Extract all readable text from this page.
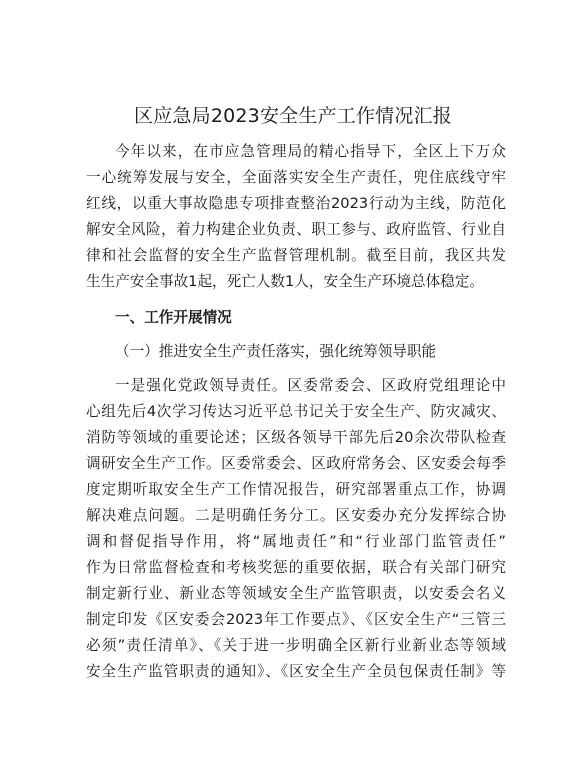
区应急局2023安全生产工作情况汇报
今年以来，在市应急管理局的精心指导下，全区上下万众
一心统筹发展与安全，全面落实安全生产责任，兜住底线守牢
红线，以重大事故隐患专项排查整治2023行动为主线，防范化
解安全风险，着力构建企业负责、职工参与、政府监管、行业自
律和社会监督的安全生产监督管理机制。截至目前，我区共发
生生产安全事故1起，死亡人数1人，安全生产环境总体稳定。
一、工作开展情况
（一）推进安全生产责任落实，强化统筹领导职能
一是强化党政领导责任。区委常委会、区政府党组理论中
心组先后4次学习传达习近平总书记关于安全生产、防灾减灾、
消防等领域的重要论述；区级各领导干部先后20余次带队检查
调研安全生产工作。区委常委会、区政府常务会、区安委会每季
度定期听取安全生产工作情况报告，研究部署重点工作，协调
解决难点问题。二是明确任务分工。区安委办充分发挥综合协
调和督促指导作用，将“属地责任”和“行业部门监管责任”
作为日常监督检查和考核奖惩的重要依据，联合有关部门研究
制定新行业、新业态等领域安全生产监管职责，以安委会名义
制定印发《区安委会2023年工作要点》、《区安全生产“三管三
必须”责任清单》、《关于进一步明确全区新行业新业态等领域
安全生产监管职责的通知》、《区安全生产全员包保责任制》等
